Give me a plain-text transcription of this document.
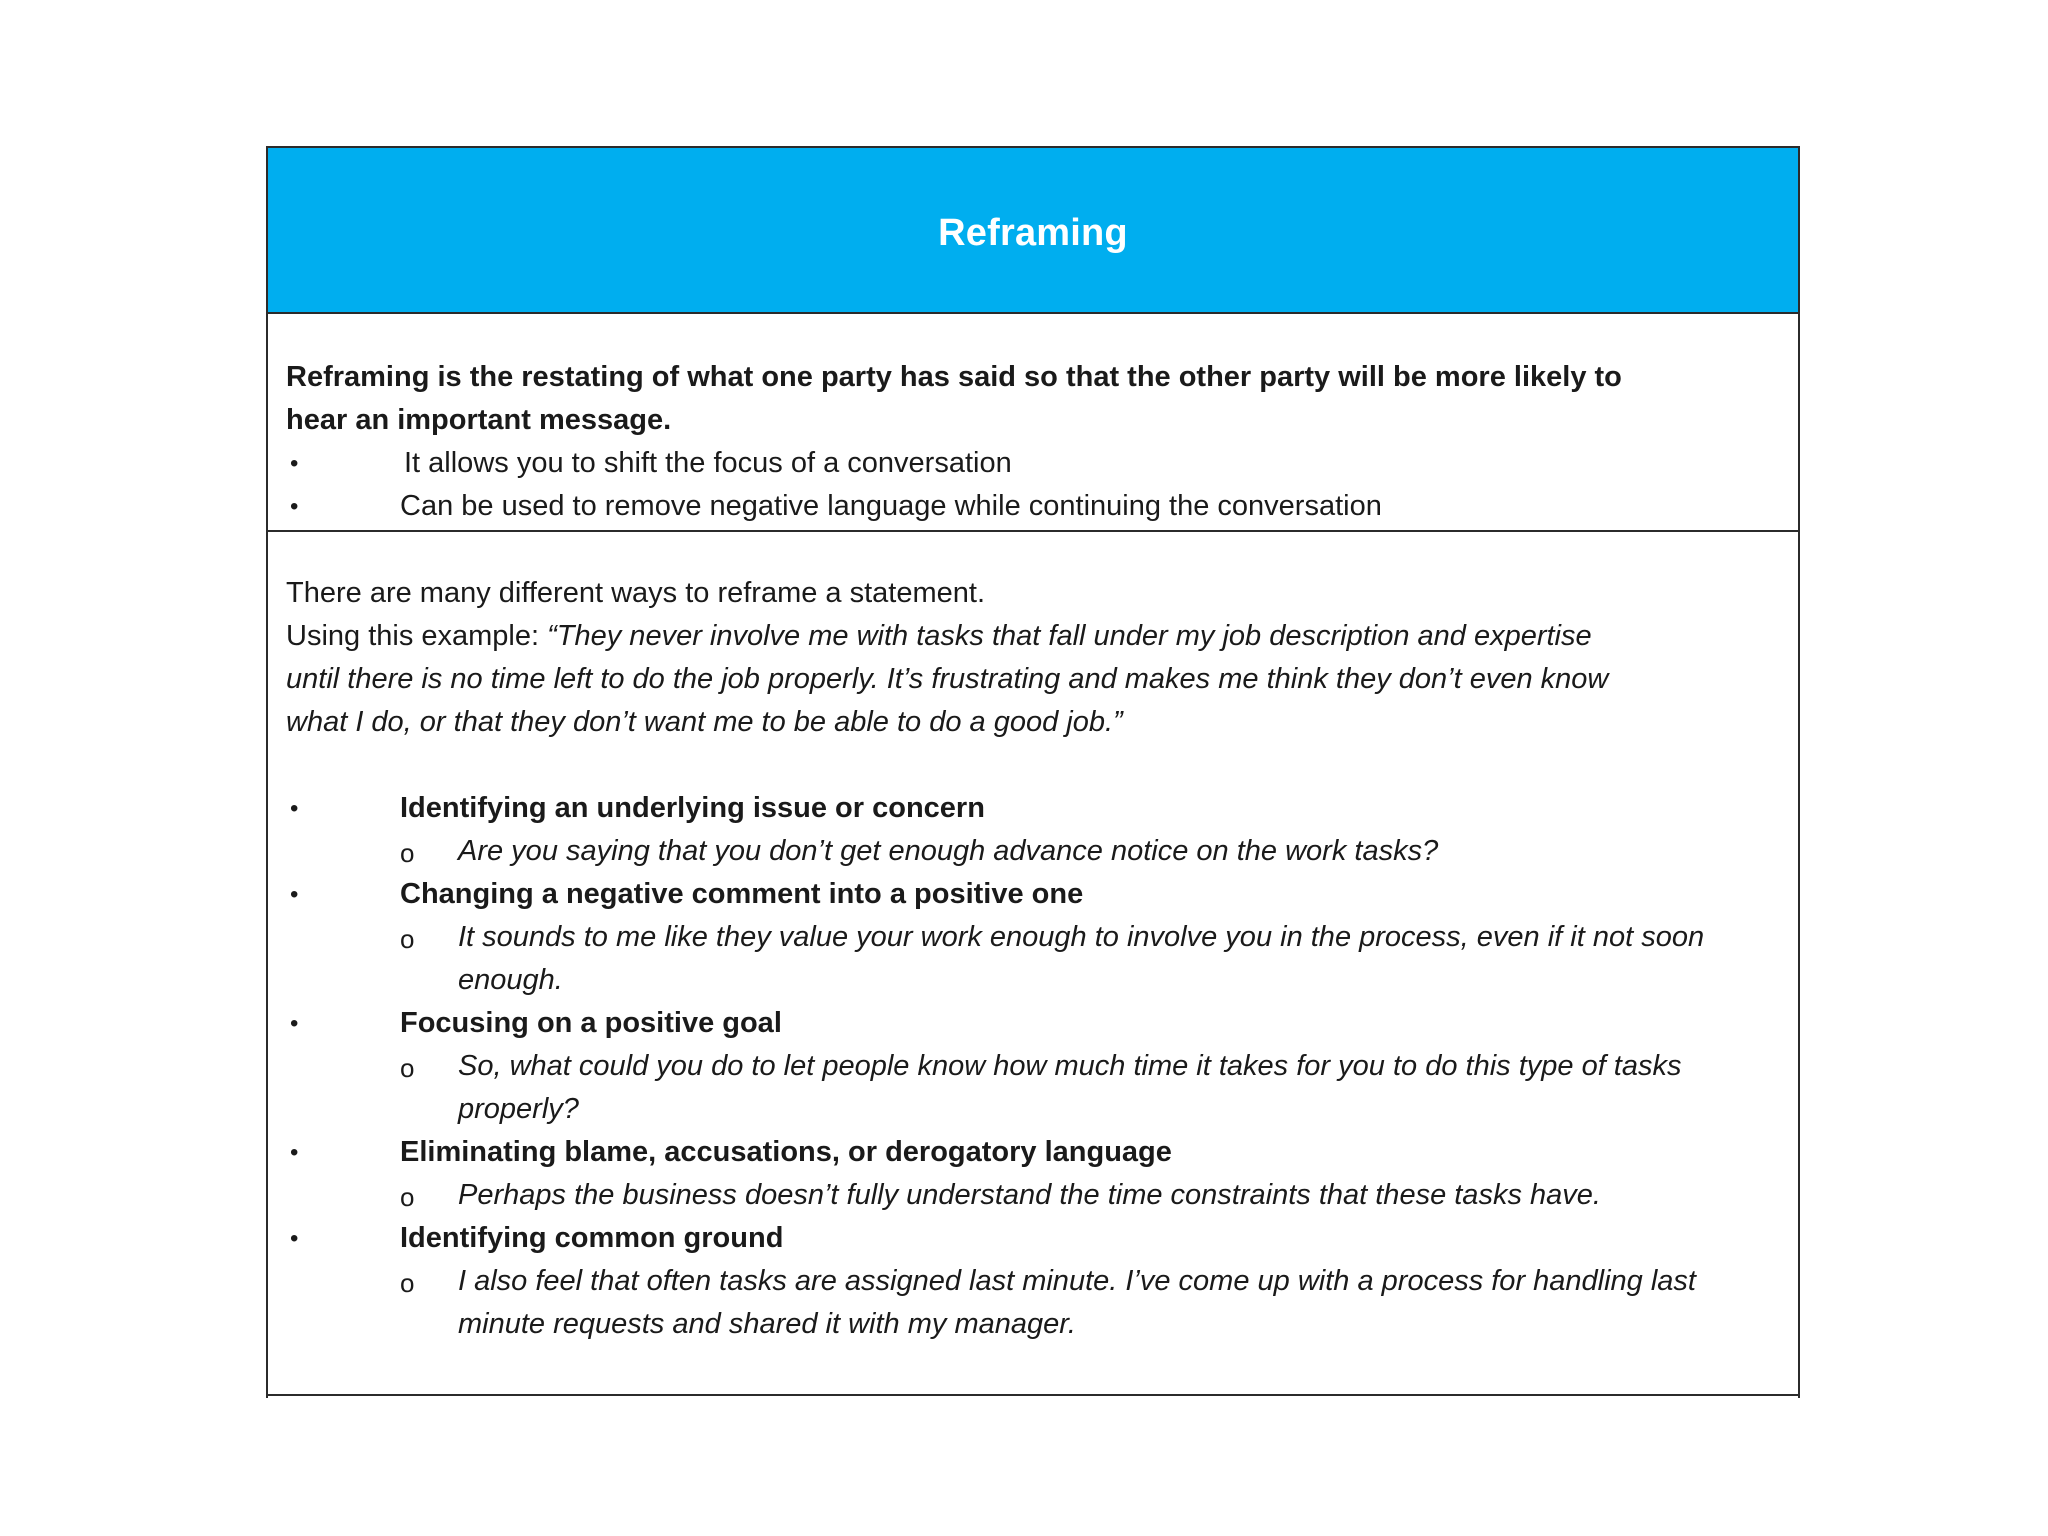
Reframing
Reframing is the restating of what one party has said so that the other party will be more likely to
hear an important message.
•	It allows you to shift the focus of a conversation
•	Can be used to remove negative language while continuing the conversation
There are many different ways to reframe a statement.
Using this example: “They never involve me with tasks that fall under my job description and expertise
until there is no time left to do the job properly. It’s frustrating and makes me think they don’t even know
what I do, or that they don’t want me to be able to do a good job.”
•	Identifying an underlying issue or concern
o Are you saying that you don’t get enough advance notice on the work tasks?
•	Changing a negative comment into a positive one
o It sounds to me like they value your work enough to involve you in the process, even if it not soon enough.
•	Focusing on a positive goal
o So, what could you do to let people know how much time it takes for you to do this type of tasks properly?
•	Eliminating blame, accusations, or derogatory language
o Perhaps the business doesn’t fully understand the time constraints that these tasks have.
•	Identifying common ground
o I also feel that often tasks are assigned last minute. I’ve come up with a process for handling last minute requests and shared it with my manager.
